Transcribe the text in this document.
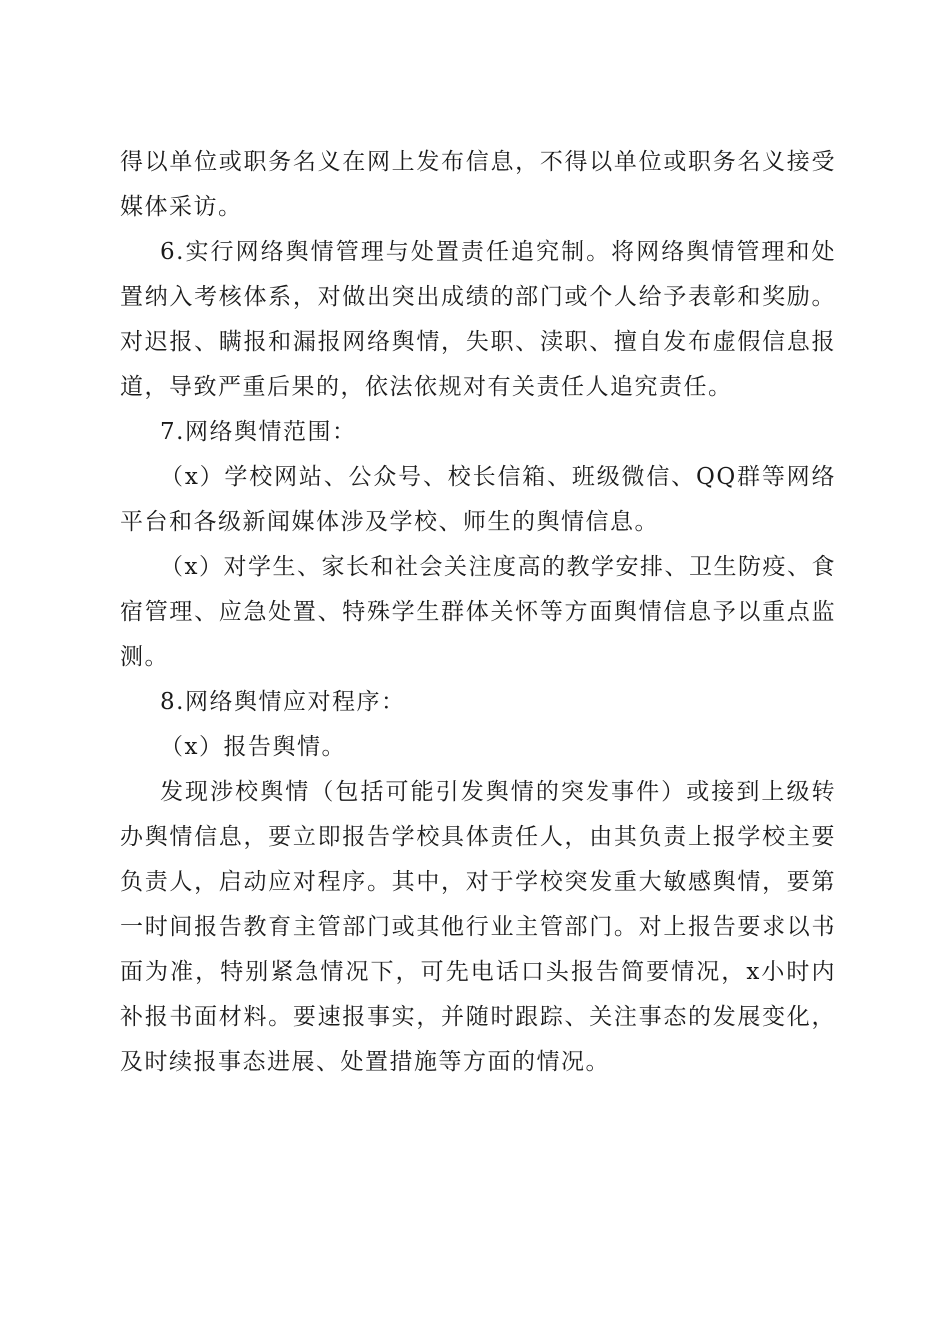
得以单位或职务名义在网上发布信息，不得以单位或职务名义接受媒体采访。

6.实行网络舆情管理与处置责任追究制。将网络舆情管理和处置纳入考核体系，对做出突出成绩的部门或个人给予表彰和奖励。对迟报、瞒报和漏报网络舆情，失职、渎职、擅自发布虚假信息报道，导致严重后果的，依法依规对有关责任人追究责任。

7.网络舆情范围：

（x）学校网站、公众号、校长信箱、班级微信、QQ群等网络平台和各级新闻媒体涉及学校、师生的舆情信息。

（x）对学生、家长和社会关注度高的教学安排、卫生防疫、食宿管理、应急处置、特殊学生群体关怀等方面舆情信息予以重点监测。

8.网络舆情应对程序：

（x）报告舆情。

发现涉校舆情（包括可能引发舆情的突发事件）或接到上级转办舆情信息，要立即报告学校具体责任人，由其负责上报学校主要负责人，启动应对程序。其中，对于学校突发重大敏感舆情，要第一时间报告教育主管部门或其他行业主管部门。对上报告要求以书面为准，特别紧急情况下，可先电话口头报告简要情况，x小时内补报书面材料。要速报事实，并随时跟踪、关注事态的发展变化，及时续报事态进展、处置措施等方面的情况。
